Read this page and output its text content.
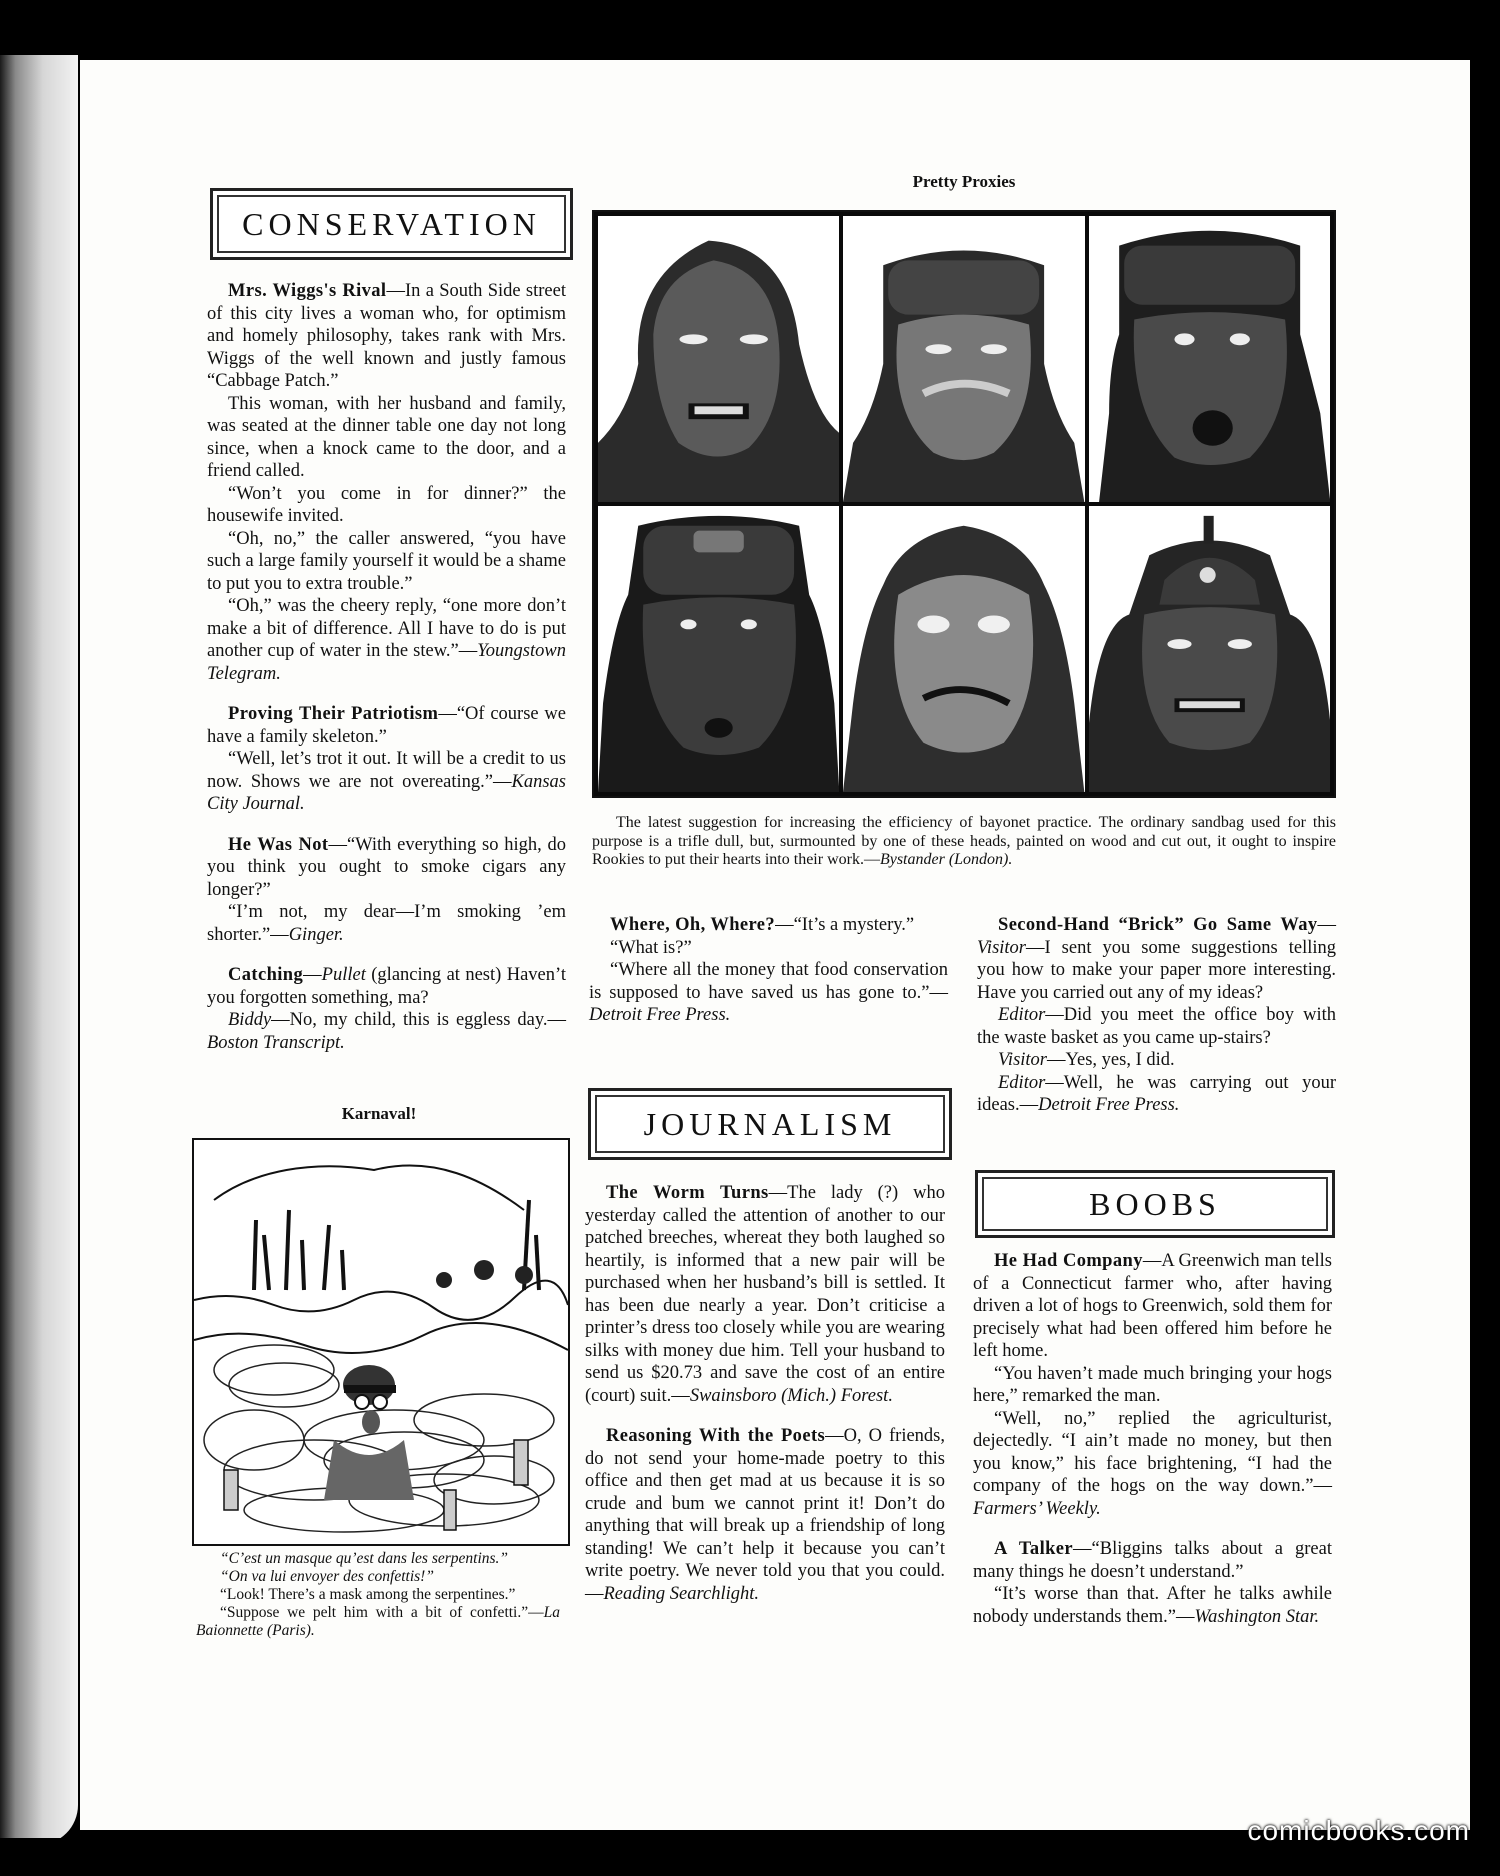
CONSERVATION

Mrs. Wiggs's Rival—In a South Side street of this city lives a woman who, for optimism and homely philosophy, takes rank with Mrs. Wiggs of the well known and justly famous “Cabbage Patch.”

This woman, with her husband and family, was seated at the dinner table one day not long since, when a knock came to the door, and a friend called.

“Won’t you come in for dinner?” the housewife invited.

“Oh, no,” the caller answered, “you have such a large family yourself it would be a shame to put you to extra trouble.”

“Oh,” was the cheery reply, “one more don’t make a bit of difference. All I have to do is put another cup of water in the stew.”—Youngstown Telegram.

Proving Their Patriotism—“Of course we have a family skeleton.”

“Well, let’s trot it out. It will be a credit to us now. Shows we are not overeating.”—Kansas City Journal.

He Was Not—“With everything so high, do you think you ought to smoke cigars any longer?”

“I’m not, my dear—I’m smoking ’em shorter.”—Ginger.

Catching—Pullet (glancing at nest) Haven’t you forgotten something, ma?

Biddy—No, my child, this is eggless day.—Boston Transcript.

Karnaval!

“C’est un masque qu’est dans les serpentins.”

“On va lui envoyer des confettis!”

“Look! There’s a mask among the serpentines.”

“Suppose we pelt him with a bit of confetti.”—La Baionnette (Paris).

Pretty Proxies

The latest suggestion for increasing the efficiency of bayonet practice. The ordinary sandbag used for this purpose is a trifle dull, but, surmounted by one of these heads, painted on wood and cut out, it ought to inspire Rookies to put their hearts into their work.—Bystander (London).

Where, Oh, Where?—“It’s a mystery.”

“What is?”

“Where all the money that food conservation is supposed to have saved us has gone to.”—Detroit Free Press.

JOURNALISM

The Worm Turns—The lady (?) who yesterday called the attention of another to our patched breeches, whereat they both laughed so heartily, is informed that a new pair will be purchased when her husband’s bill is settled. It has been due nearly a year. Don’t criticise a printer’s dress too closely while you are wearing silks with money due him. Tell your husband to send us $20.73 and save the cost of an entire (court) suit.—Swainsboro (Mich.) Forest.

Reasoning With the Poets—O, O friends, do not send your home-made poetry to this office and then get mad at us because it is so crude and bum we cannot print it! Don’t do anything that will break up a friendship of long standing! We can’t help it because you can’t write poetry. We never told you that you could.—Reading Searchlight.

Second-Hand “Brick” Go Same Way—Visitor—I sent you some suggestions telling you how to make your paper more interesting. Have you carried out any of my ideas?

Editor—Did you meet the office boy with the waste basket as you came up-stairs?

Visitor—Yes, yes, I did.

Editor—Well, he was carrying out your ideas.—Detroit Free Press.

BOOBS

He Had Company—A Greenwich man tells of a Connecticut farmer who, after having driven a lot of hogs to Greenwich, sold them for precisely what had been offered him before he left home.

“You haven’t made much bringing your hogs here,” remarked the man.

“Well, no,” replied the agriculturist, dejectedly. “I ain’t made no money, but then you know,” his face brightening, “I had the company of the hogs on the way down.”—Farmers’ Weekly.

A Talker—“Bliggins talks about a great many things he doesn’t understand.”

“It’s worse than that. After he talks awhile nobody understands them.”—Washington Star.

comicbooks.com
